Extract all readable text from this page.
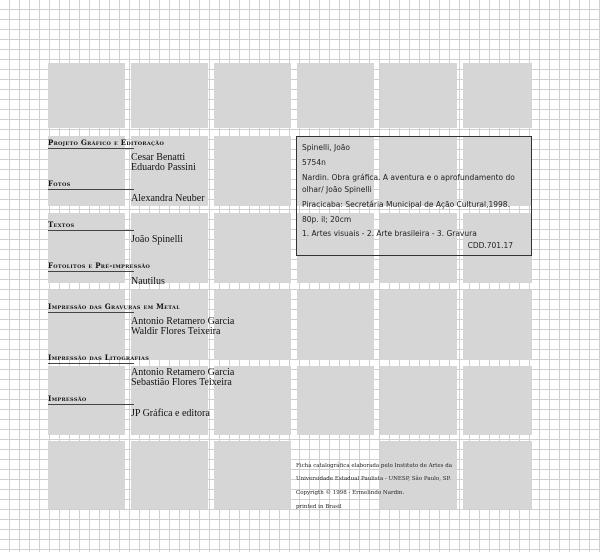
Projeto Gráfico e Editoração
Cesar Benatti
Eduardo Passini
Fotos
Alexandra Neuber
Textos
João Spinelli
Fotolitos e Pré-impressão
Nautilus
Impressão das Gravuras em Metal
Antonio Retamero Garcia
Waldir Flores Teixeira
Impressão das Litografias
Antonio Retamero Garcia
Sebastião Flores Teixeira
Impressão
JP Gráfica e editora
Spinelli, João
5754n
Nardin. Obra gráfica. A aventura e o aprofundamento do
olhar/ João Spinelli
Piracicaba: Secretária Municipal de Ação Cultural,1998.
80p. il; 20cm
1. Artes visuais - 2. Arte brasileira - 3. Gravura
CDD.701.17
Ficha catalográfica elaborada pelo Instituto de Artes da
Universidade Estadual Paulista - UNESP, São Paulo, SP.
Copyrigth © 1998 - Ermelindo Nardin.
printed in Brasil
